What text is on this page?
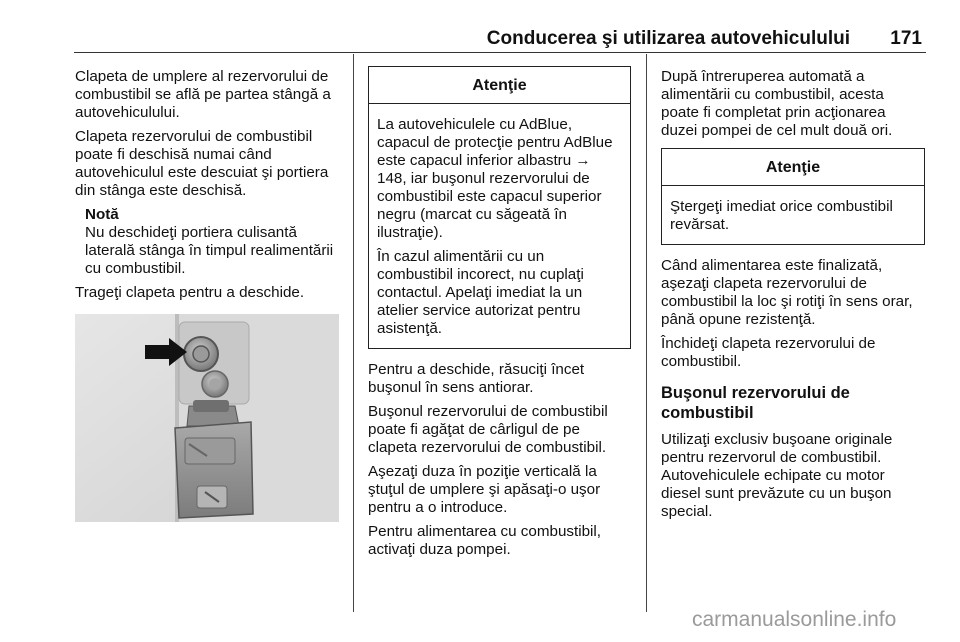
Conducerea şi utilizarea autovehiculului	171

Clapeta de umplere al rezervorului de combustibil se află pe partea stângă a autovehiculului.

Clapeta rezervorului de combustibil poate fi deschisă numai când autovehiculul este descuiat şi portiera din stânga este deschisă.

Notă
Nu deschideţi portiera culisantă laterală stânga în timpul realimentării cu combustibil.

Trageţi clapeta pentru a deschide.

Atenţie

La autovehiculele cu AdBlue, capacul de protecţie pentru AdBlue este capacul inferior albastru → 148, iar buşonul rezervorului de combustibil este capacul superior negru (marcat cu săgeată în ilustraţie).

În cazul alimentării cu un combustibil incorect, nu cuplaţi contactul. Apelaţi imediat la un atelier service autorizat pentru asistenţă.

Pentru a deschide, răsuciţi încet buşonul în sens antiorar.

Buşonul rezervorului de combustibil poate fi agăţat de cârligul de pe clapeta rezervorului de combustibil.

Aşezaţi duza în poziţie verticală la ştuţul de umplere şi apăsaţi-o uşor pentru a o introduce.

Pentru alimentarea cu combustibil, activaţi duza pompei.

După întreruperea automată a alimentării cu combustibil, acesta poate fi completat prin acţionarea duzei pompei de cel mult două ori.

Atenţie

Ştergeţi imediat orice combustibil revărsat.

Când alimentarea este finalizată, aşezaţi clapeta rezervorului de combustibil la loc şi rotiţi în sens orar, până opune rezistenţă.

Închideţi clapeta rezervorului de combustibil.

Buşonul rezervorului de combustibil

Utilizaţi exclusiv buşoane originale pentru rezervorul de combustibil. Autovehiculele echipate cu motor diesel sunt prevăzute cu un buşon special.

carmanualsonline.info
